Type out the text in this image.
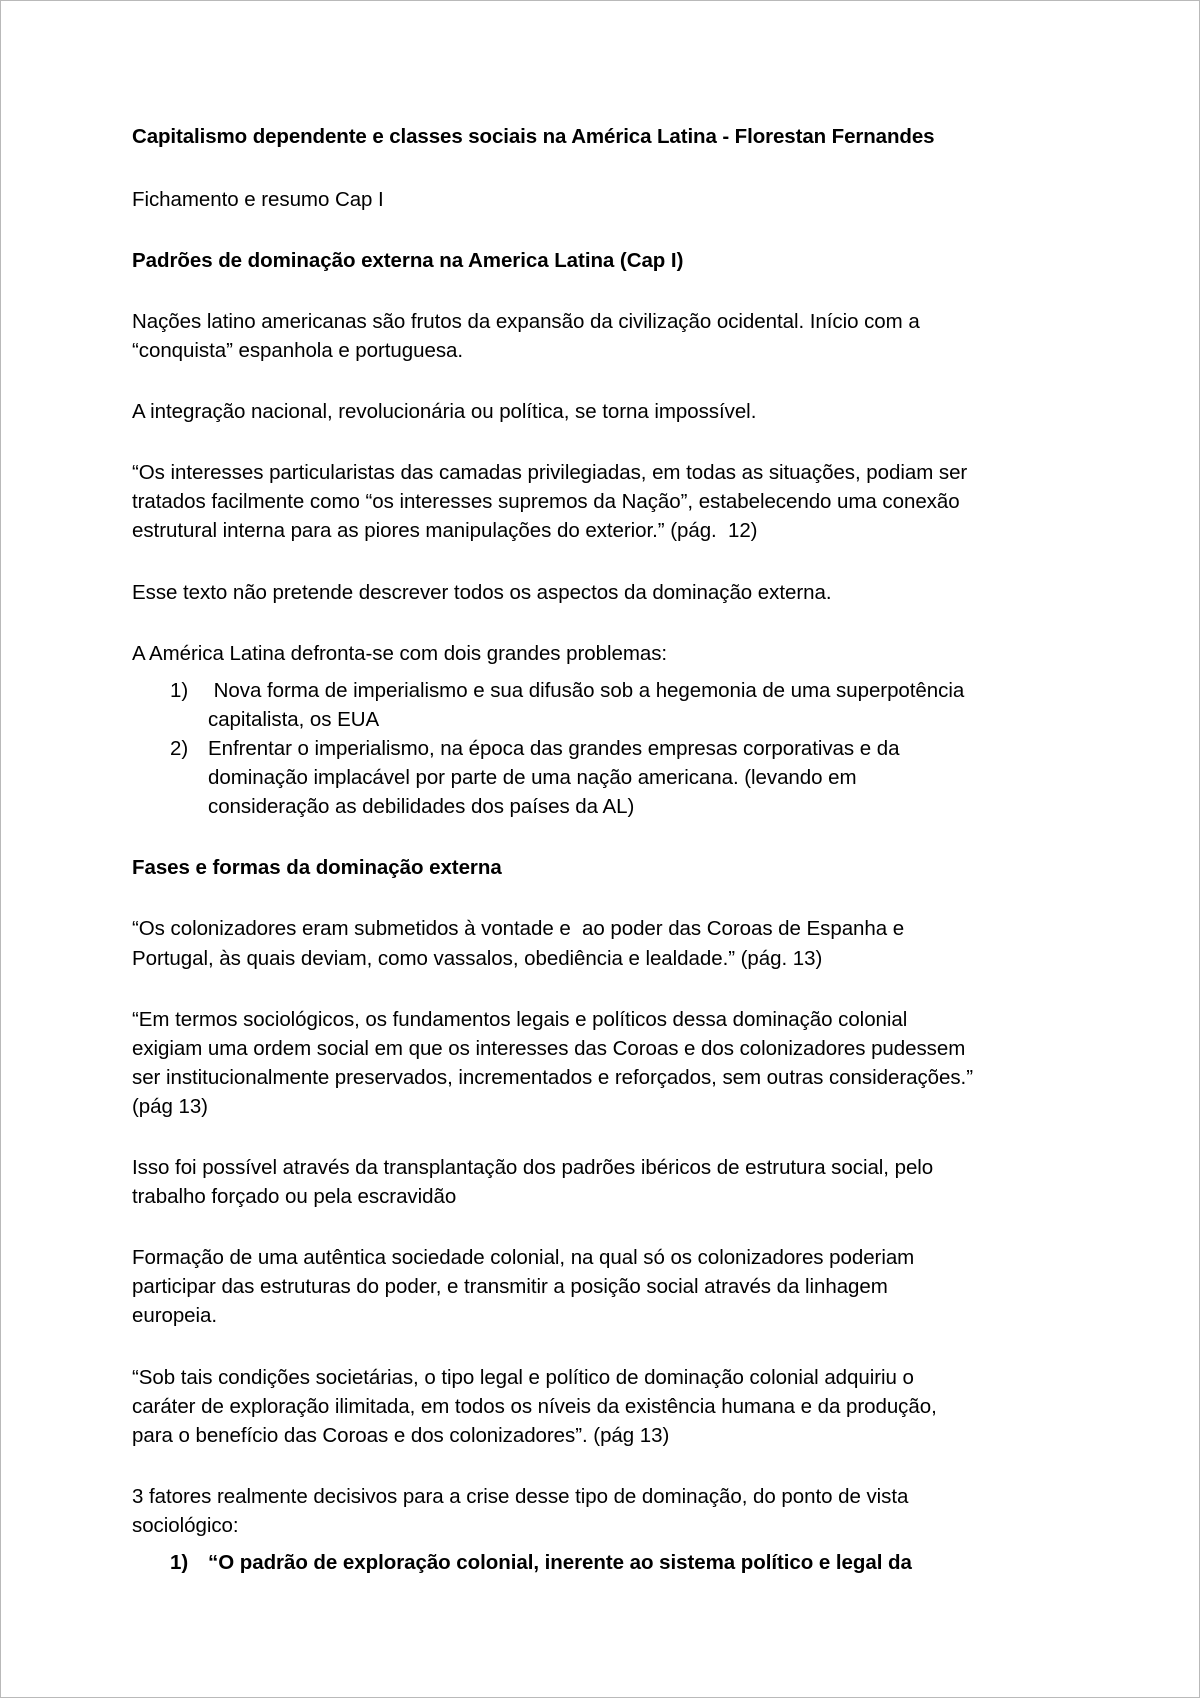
Capitalismo dependente e classes sociais na América Latina - Florestan Fernandes

Fichamento e resumo Cap I

Padrões de dominação externa na America Latina (Cap I)

Nações latino americanas são frutos da expansão da civilização ocidental. Início com a “conquista” espanhola e portuguesa.

A integração nacional, revolucionária ou política, se torna impossível.

“Os interesses particularistas das camadas privilegiadas, em todas as situações, podiam ser tratados facilmente como “os interesses supremos da Nação”, estabelecendo uma conexão estrutural interna para as piores manipulações do exterior.” (pág.  12)

Esse texto não pretende descrever todos os aspectos da dominação externa.

A América Latina defronta-se com dois grandes problemas:

1) Nova forma de imperialismo e sua difusão sob a hegemonia de uma superpotência capitalista, os EUA
2) Enfrentar o imperialismo, na época das grandes empresas corporativas e da dominação implacável por parte de uma nação americana. (levando em consideração as debilidades dos países da AL)

Fases e formas da dominação externa

“Os colonizadores eram submetidos à vontade e  ao poder das Coroas de Espanha e Portugal, às quais deviam, como vassalos, obediência e lealdade.” (pág. 13)

“Em termos sociológicos, os fundamentos legais e políticos dessa dominação colonial exigiam uma ordem social em que os interesses das Coroas e dos colonizadores pudessem ser institucionalmente preservados, incrementados e reforçados, sem outras considerações.” (pág 13)

Isso foi possível através da transplantação dos padrões ibéricos de estrutura social, pelo trabalho forçado ou pela escravidão

Formação de uma autêntica sociedade colonial, na qual só os colonizadores poderiam participar das estruturas do poder, e transmitir a posição social através da linhagem europeia.

“Sob tais condições societárias, o tipo legal e político de dominação colonial adquiriu o caráter de exploração ilimitada, em todos os níveis da existência humana e da produção, para o benefício das Coroas e dos colonizadores”. (pág 13)

3 fatores realmente decisivos para a crise desse tipo de dominação, do ponto de vista sociológico:

1) “O padrão de exploração colonial, inerente ao sistema político e legal da
